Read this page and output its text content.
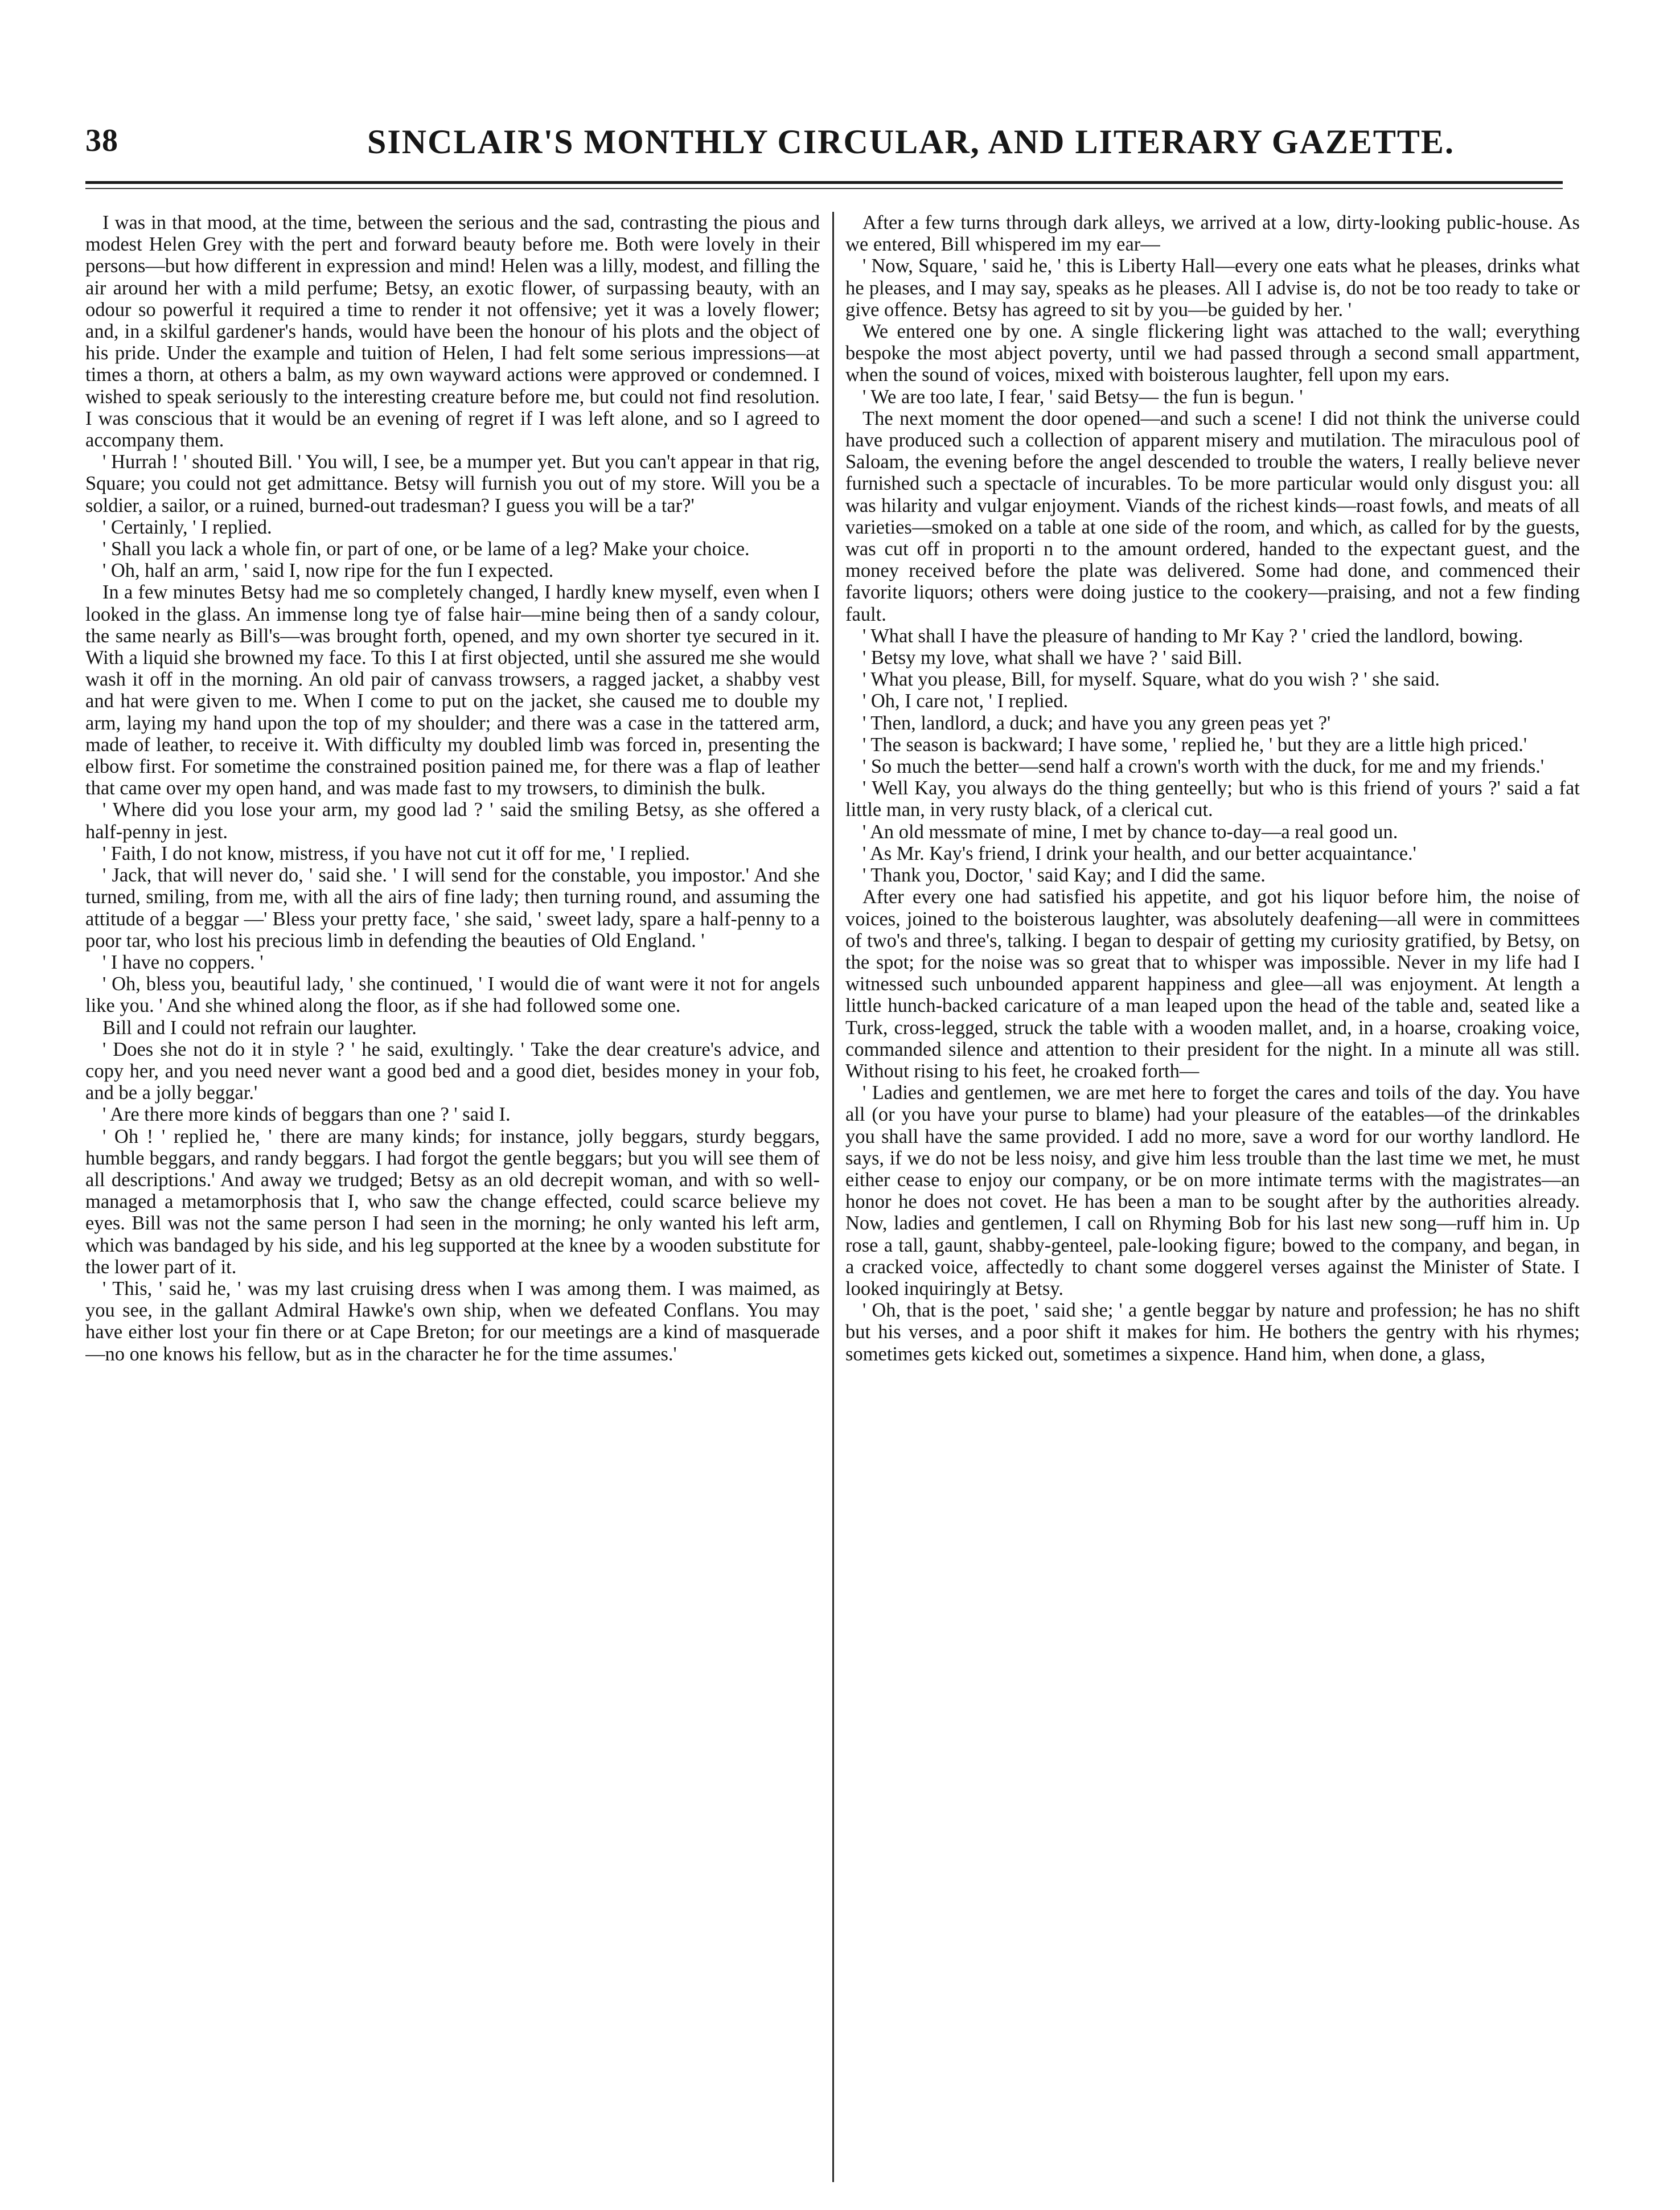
38	SINCLAIR'S MONTHLY CIRCULAR, AND LITERARY GAZETTE.

I was in that mood, at the time, between the serious and the sad, contrasting the pious and modest Helen Grey with the pert and forward beauty before me. Both were lovely in their persons—but how different in expression and mind! Helen was a lilly, modest, and filling the air around her with a mild perfume; Betsy, an exotic flower, of surpassing beauty, with an odour so powerful it required a time to render it not offensive; yet it was a lovely flower; and, in a skilful gardener's hands, would have been the honour of his plots and the object of his pride. Under the example and tuition of Helen, I had felt some serious impressions—at times a thorn, at others a balm, as my own wayward actions were approved or condemned. I wished to speak seriously to the interesting creature before me, but could not find resolution. I was conscious that it would be an evening of regret if I was left alone, and so I agreed to accompany them.

' Hurrah ! ' shouted Bill. ' You will, I see, be a mumper yet. But you can't appear in that rig, Square; you could not get admittance. Betsy will furnish you out of my store. Will you be a soldier, a sailor, or a ruined, burned-out tradesman? I guess you will be a tar?'

' Certainly, ' I replied.

' Shall you lack a whole fin, or part of one, or be lame of a leg? Make your choice.

' Oh, half an arm, ' said I, now ripe for the fun I expected.

In a few minutes Betsy had me so completely changed, I hardly knew myself, even when I looked in the glass. An immense long tye of false hair—mine being then of a sandy colour, the same nearly as Bill's—was brought forth, opened, and my own shorter tye secured in it. With a liquid she browned my face. To this I at first objected, until she assured me she would wash it off in the morning. An old pair of canvass trowsers, a ragged jacket, a shabby vest and hat were given to me. When I come to put on the jacket, she caused me to double my arm, laying my hand upon the top of my shoulder; and there was a case in the tattered arm, made of leather, to receive it. With difficulty my doubled limb was forced in, presenting the elbow first. For sometime the constrained position pained me, for there was a flap of leather that came over my open hand, and was made fast to my trowsers, to diminish the bulk.

' Where did you lose your arm, my good lad ? ' said the smiling Betsy, as she offered a half-penny in jest.

' Faith, I do not know, mistress, if you have not cut it off for me, ' I replied.

' Jack, that will never do, ' said she. ' I will send for the constable, you impostor.' And she turned, smiling, from me, with all the airs of fine lady; then turning round, and assuming the attitude of a beggar —' Bless your pretty face, ' she said, ' sweet lady, spare a half-penny to a poor tar, who lost his precious limb in defending the beauties of Old England. '

' I have no coppers. '

' Oh, bless you, beautiful lady, ' she continued, ' I would die of want were it not for angels like you. ' And she whined along the floor, as if she had followed some one.

Bill and I could not refrain our laughter.

' Does she not do it in style ? ' he said, exultingly. ' Take the dear creature's advice, and copy her, and you need never want a good bed and a good diet, besides money in your fob, and be a jolly beggar.'

' Are there more kinds of beggars than one ? ' said I.

' Oh ! ' replied he, ' there are many kinds; for instance, jolly beggars, sturdy beggars, humble beggars, and randy beggars. I had forgot the gentle beggars; but you will see them of all descriptions.' And away we trudged; Betsy as an old decrepit woman, and with so well-managed a metamorphosis that I, who saw the change effected, could scarce believe my eyes. Bill was not the same person I had seen in the morning; he only wanted his left arm, which was bandaged by his side, and his leg supported at the knee by a wooden substitute for the lower part of it.

' This, ' said he, ' was my last cruising dress when I was among them. I was maimed, as you see, in the gallant Admiral Hawke's own ship, when we defeated Conflans. You may have either lost your fin there or at Cape Breton; for our meetings are a kind of masquerade—no one knows his fellow, but as in the character he for the time assumes.'

After a few turns through dark alleys, we arrived at a low, dirty-looking public-house. As we entered, Bill whispered im my ear—

' Now, Square, ' said he, ' this is Liberty Hall—every one eats what he pleases, drinks what he pleases, and I may say, speaks as he pleases. All I advise is, do not be too ready to take or give offence. Betsy has agreed to sit by you—be guided by her. '

We entered one by one. A single flickering light was attached to the wall; everything bespoke the most abject poverty, until we had passed through a second small appartment, when the sound of voices, mixed with boisterous laughter, fell upon my ears.

' We are too late, I fear, ' said Betsy— the fun is begun. '

The next moment the door opened—and such a scene! I did not think the universe could have produced such a collection of apparent misery and mutilation. The miraculous pool of Saloam, the evening before the angel descended to trouble the waters, I really believe never furnished such a spectacle of incurables. To be more particular would only disgust you: all was hilarity and vulgar enjoyment. Viands of the richest kinds—roast fowls, and meats of all varieties—smoked on a table at one side of the room, and which, as called for by the guests, was cut off in proporti n to the amount ordered, handed to the expectant guest, and the money received before the plate was delivered. Some had done, and commenced their favorite liquors; others were doing justice to the cookery—praising, and not a few finding fault.

' What shall I have the pleasure of handing to Mr Kay ? ' cried the landlord, bowing.

' Betsy my love, what shall we have ? ' said Bill.

' What you please, Bill, for myself. Square, what do you wish ? ' she said.

' Oh, I care not, ' I replied.

' Then, landlord, a duck; and have you any green peas yet ?'

' The season is backward; I have some, ' replied he, ' but they are a little high priced.'

' So much the better—send half a crown's worth with the duck, for me and my friends.'

' Well Kay, you always do the thing genteelly; but who is this friend of yours ?' said a fat little man, in very rusty black, of a clerical cut.

' An old messmate of mine, I met by chance to-day—a real good un.

' As Mr. Kay's friend, I drink your health, and our better acquaintance.'

' Thank you, Doctor, ' said Kay; and I did the same.

After every one had satisfied his appetite, and got his liquor before him, the noise of voices, joined to the boisterous laughter, was absolutely deafening—all were in committees of two's and three's, talking. I began to despair of getting my curiosity gratified, by Betsy, on the spot; for the noise was so great that to whisper was impossible. Never in my life had I witnessed such unbounded apparent happiness and glee—all was enjoyment. At length a little hunch-backed caricature of a man leaped upon the head of the table and, seated like a Turk, cross-legged, struck the table with a wooden mallet, and, in a hoarse, croaking voice, commanded silence and attention to their president for the night. In a minute all was still. Without rising to his feet, he croaked forth—

' Ladies and gentlemen, we are met here to forget the cares and toils of the day. You have all (or you have your purse to blame) had your pleasure of the eatables—of the drinkables you shall have the same provided. I add no more, save a word for our worthy landlord. He says, if we do not be less noisy, and give him less trouble than the last time we met, he must either cease to enjoy our company, or be on more intimate terms with the magistrates—an honor he does not covet. He has been a man to be sought after by the authorities already. Now, ladies and gentlemen, I call on Rhyming Bob for his last new song—ruff him in. Up rose a tall, gaunt, shabby-genteel, pale-looking figure; bowed to the company, and began, in a cracked voice, affectedly to chant some doggerel verses against the Minister of State. I looked inquiringly at Betsy.

' Oh, that is the poet, ' said she; ' a gentle beggar by nature and profession; he has no shift but his verses, and a poor shift it makes for him. He bothers the gentry with his rhymes; sometimes gets kicked out, sometimes a sixpence. Hand him, when done, a glass,
